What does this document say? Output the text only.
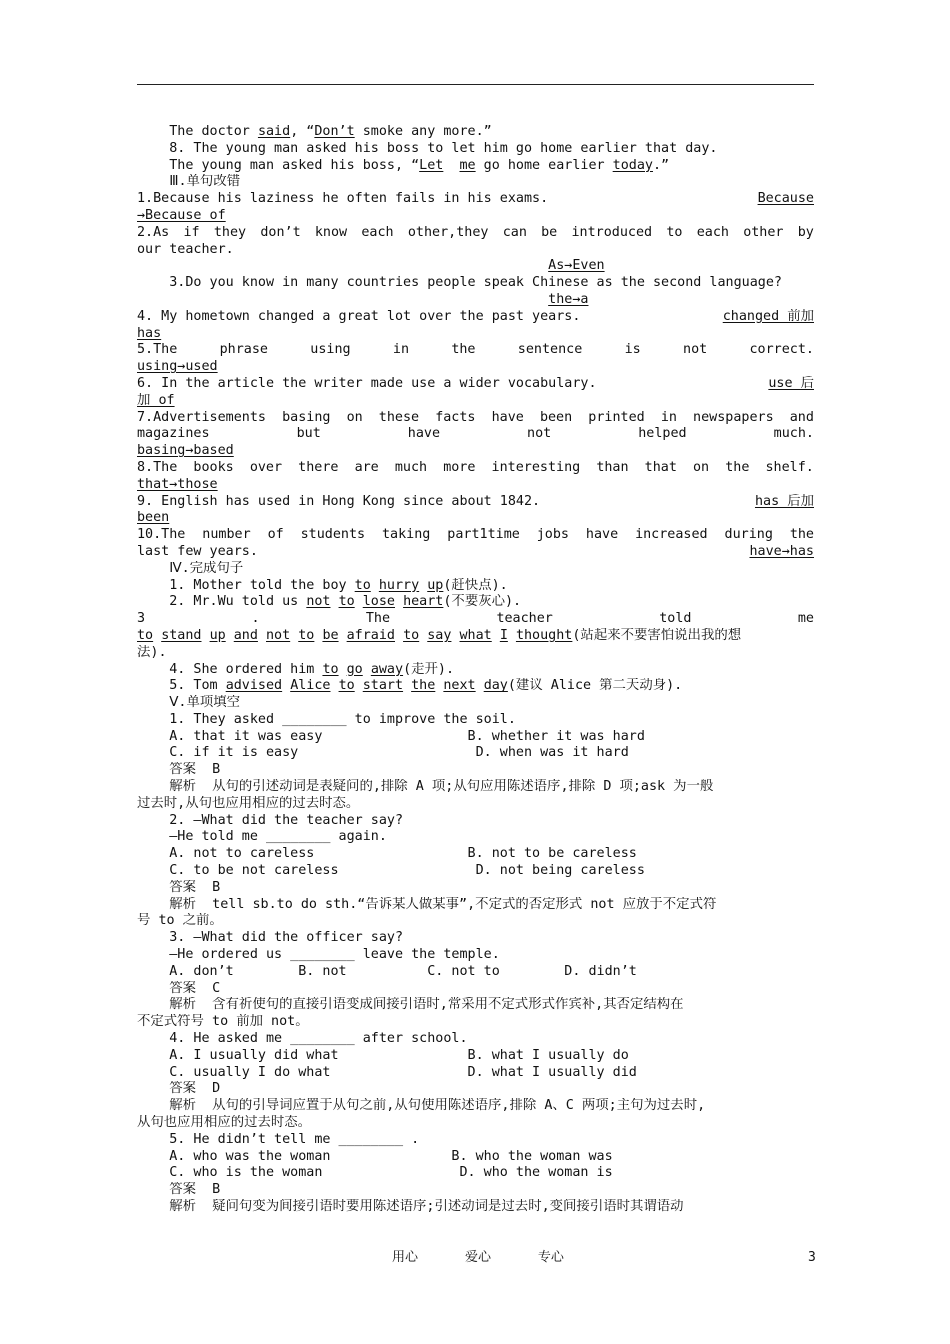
The doctor said, “Don’t smoke any more.”
8. The young man asked his boss to let him go home earlier that day.
The young man asked his boss, “Let me go home earlier today.”
Ⅲ.单句改错
1.Because his laziness he often fails in his exams.	Because
→Because of
2.As if they don’t know each other,they can be introduced to each other by
our teacher.
As→Even
3.Do you know in many countries people speak Chinese as the second language?
the→a
4. My hometown changed a great lot over the past years.	changed 前加
has
5.The	phrase	using	in	the	sentence	is	not	correct.
using→used
6. In the article the writer made use a wider vocabulary.	use 后
加 of
7.Advertisements basing on these facts have been printed in newspapers and
magazines	but	have	not	helped	much.
basing→based
8.The books over there are much more interesting than that on the shelf.
that→those
9. English has used in Hong Kong since about 1842.	has 后加
been
10.The number of students taking part1time jobs have increased during the
last few years.	have→has
Ⅳ.完成句子
1. Mother told the boy to hurry up(赶快点).
2. Mr.Wu told us not to lose heart(不要灰心).
3	.	The	teacher	told	me
to stand up and not to be afraid to say what I thought(站起来不要害怕说出我的想
法).
4. She ordered him to go away(走开).
5. Tom advised Alice to start the next day(建议 Alice 第二天动身).
Ⅴ.单项填空
1. They asked ________ to improve the soil.
A. that it was easy                  B. whether it was hard
C. if it is easy                      D. when was it hard
答案  B
解析  从句的引述动词是表疑问的,排除 A 项;从句应用陈述语序,排除 D 项;ask 为一般
过去时,从句也应用相应的过去时态。
2. —What did the teacher say?
—He told me ________ again.
A. not to careless                   B. not to be careless
C. to be not careless                 D. not being careless
答案  B
解析  tell sb.to do sth.“告诉某人做某事”,不定式的否定形式 not 应放于不定式符
号 to 之前。
3. —What did the officer say?
—He ordered us ________ leave the temple.
A. don’t        B. not          C. not to        D. didn’t
答案  C
解析  含有祈使句的直接引语变成间接引语时,常采用不定式形式作宾补,其否定结构在
不定式符号 to 前加 not。
4. He asked me ________ after school.
A. I usually did what                B. what I usually do
C. usually I do what                 D. what I usually did
答案  D
解析  从句的引导词应置于从句之前,从句使用陈述语序,排除 A、C 两项;主句为过去时,
从句也应用相应的过去时态。
5. He didn’t tell me ________ .
A. who was the woman               B. who the woman was
C. who is the woman                 D. who the woman is
答案  B
解析  疑问句变为间接引语时要用陈述语序;引述动词是过去时,变间接引语时其谓语动
用心      爱心      专心	3
